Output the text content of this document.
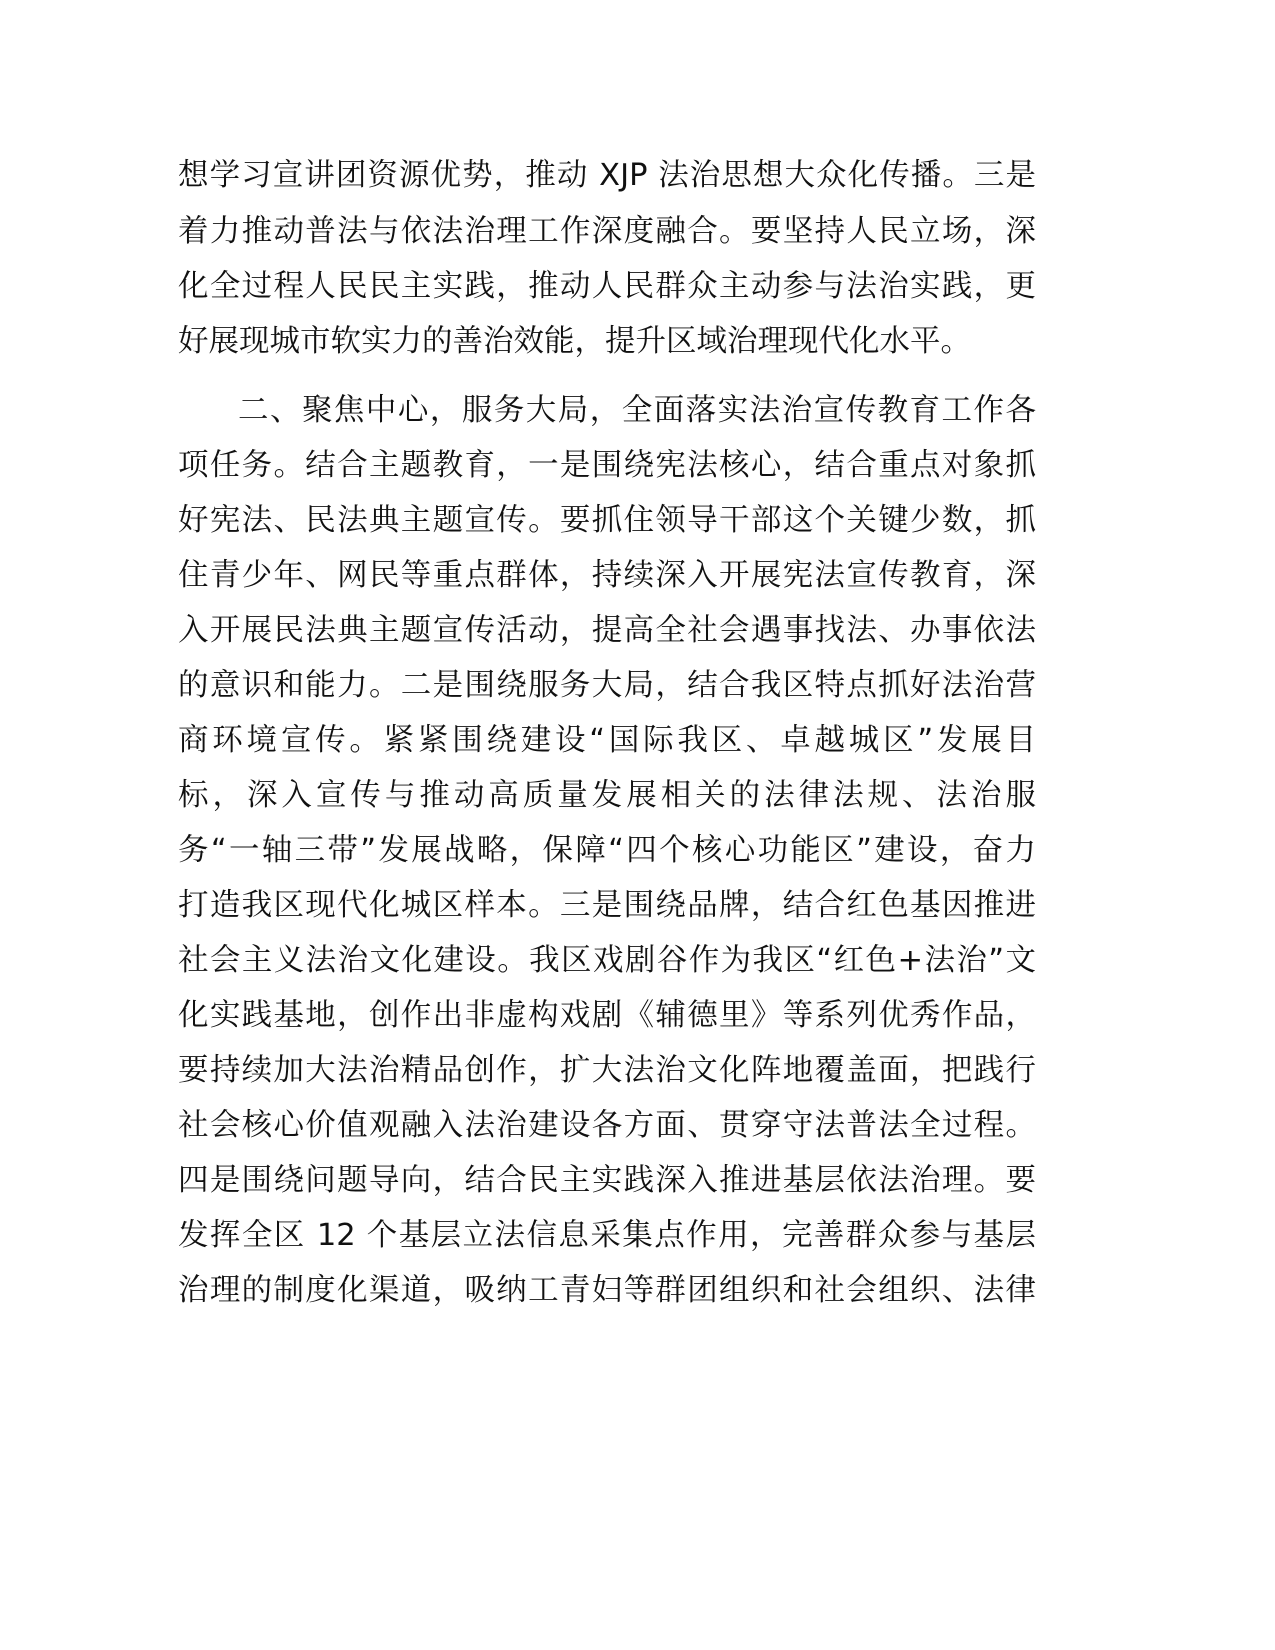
想学习宣讲团资源优势，推动 XJP 法治思想大众化传播。三是
着力推动普法与依法治理工作深度融合。要坚持人民立场，深
化全过程人民民主实践，推动人民群众主动参与法治实践，更
好展现城市软实力的善治效能，提升区域治理现代化水平。
二、聚焦中心，服务大局，全面落实法治宣传教育工作各
项任务。结合主题教育，一是围绕宪法核心，结合重点对象抓
好宪法、民法典主题宣传。要抓住领导干部这个关键少数，抓
住青少年、网民等重点群体，持续深入开展宪法宣传教育，深
入开展民法典主题宣传活动，提高全社会遇事找法、办事依法
的意识和能力。二是围绕服务大局，结合我区特点抓好法治营
商环境宣传。紧紧围绕建设“国际我区、卓越城区”发展目
标，深入宣传与推动高质量发展相关的法律法规、法治服
务“一轴三带”发展战略，保障“四个核心功能区”建设，奋力
打造我区现代化城区样本。三是围绕品牌，结合红色基因推进
社会主义法治文化建设。我区戏剧谷作为我区“红色+法治”文
化实践基地，创作出非虚构戏剧《辅德里》等系列优秀作品，
要持续加大法治精品创作，扩大法治文化阵地覆盖面，把践行
社会核心价值观融入法治建设各方面、贯穿守法普法全过程。
四是围绕问题导向，结合民主实践深入推进基层依法治理。要
发挥全区 12 个基层立法信息采集点作用，完善群众参与基层
治理的制度化渠道，吸纳工青妇等群团组织和社会组织、法律
